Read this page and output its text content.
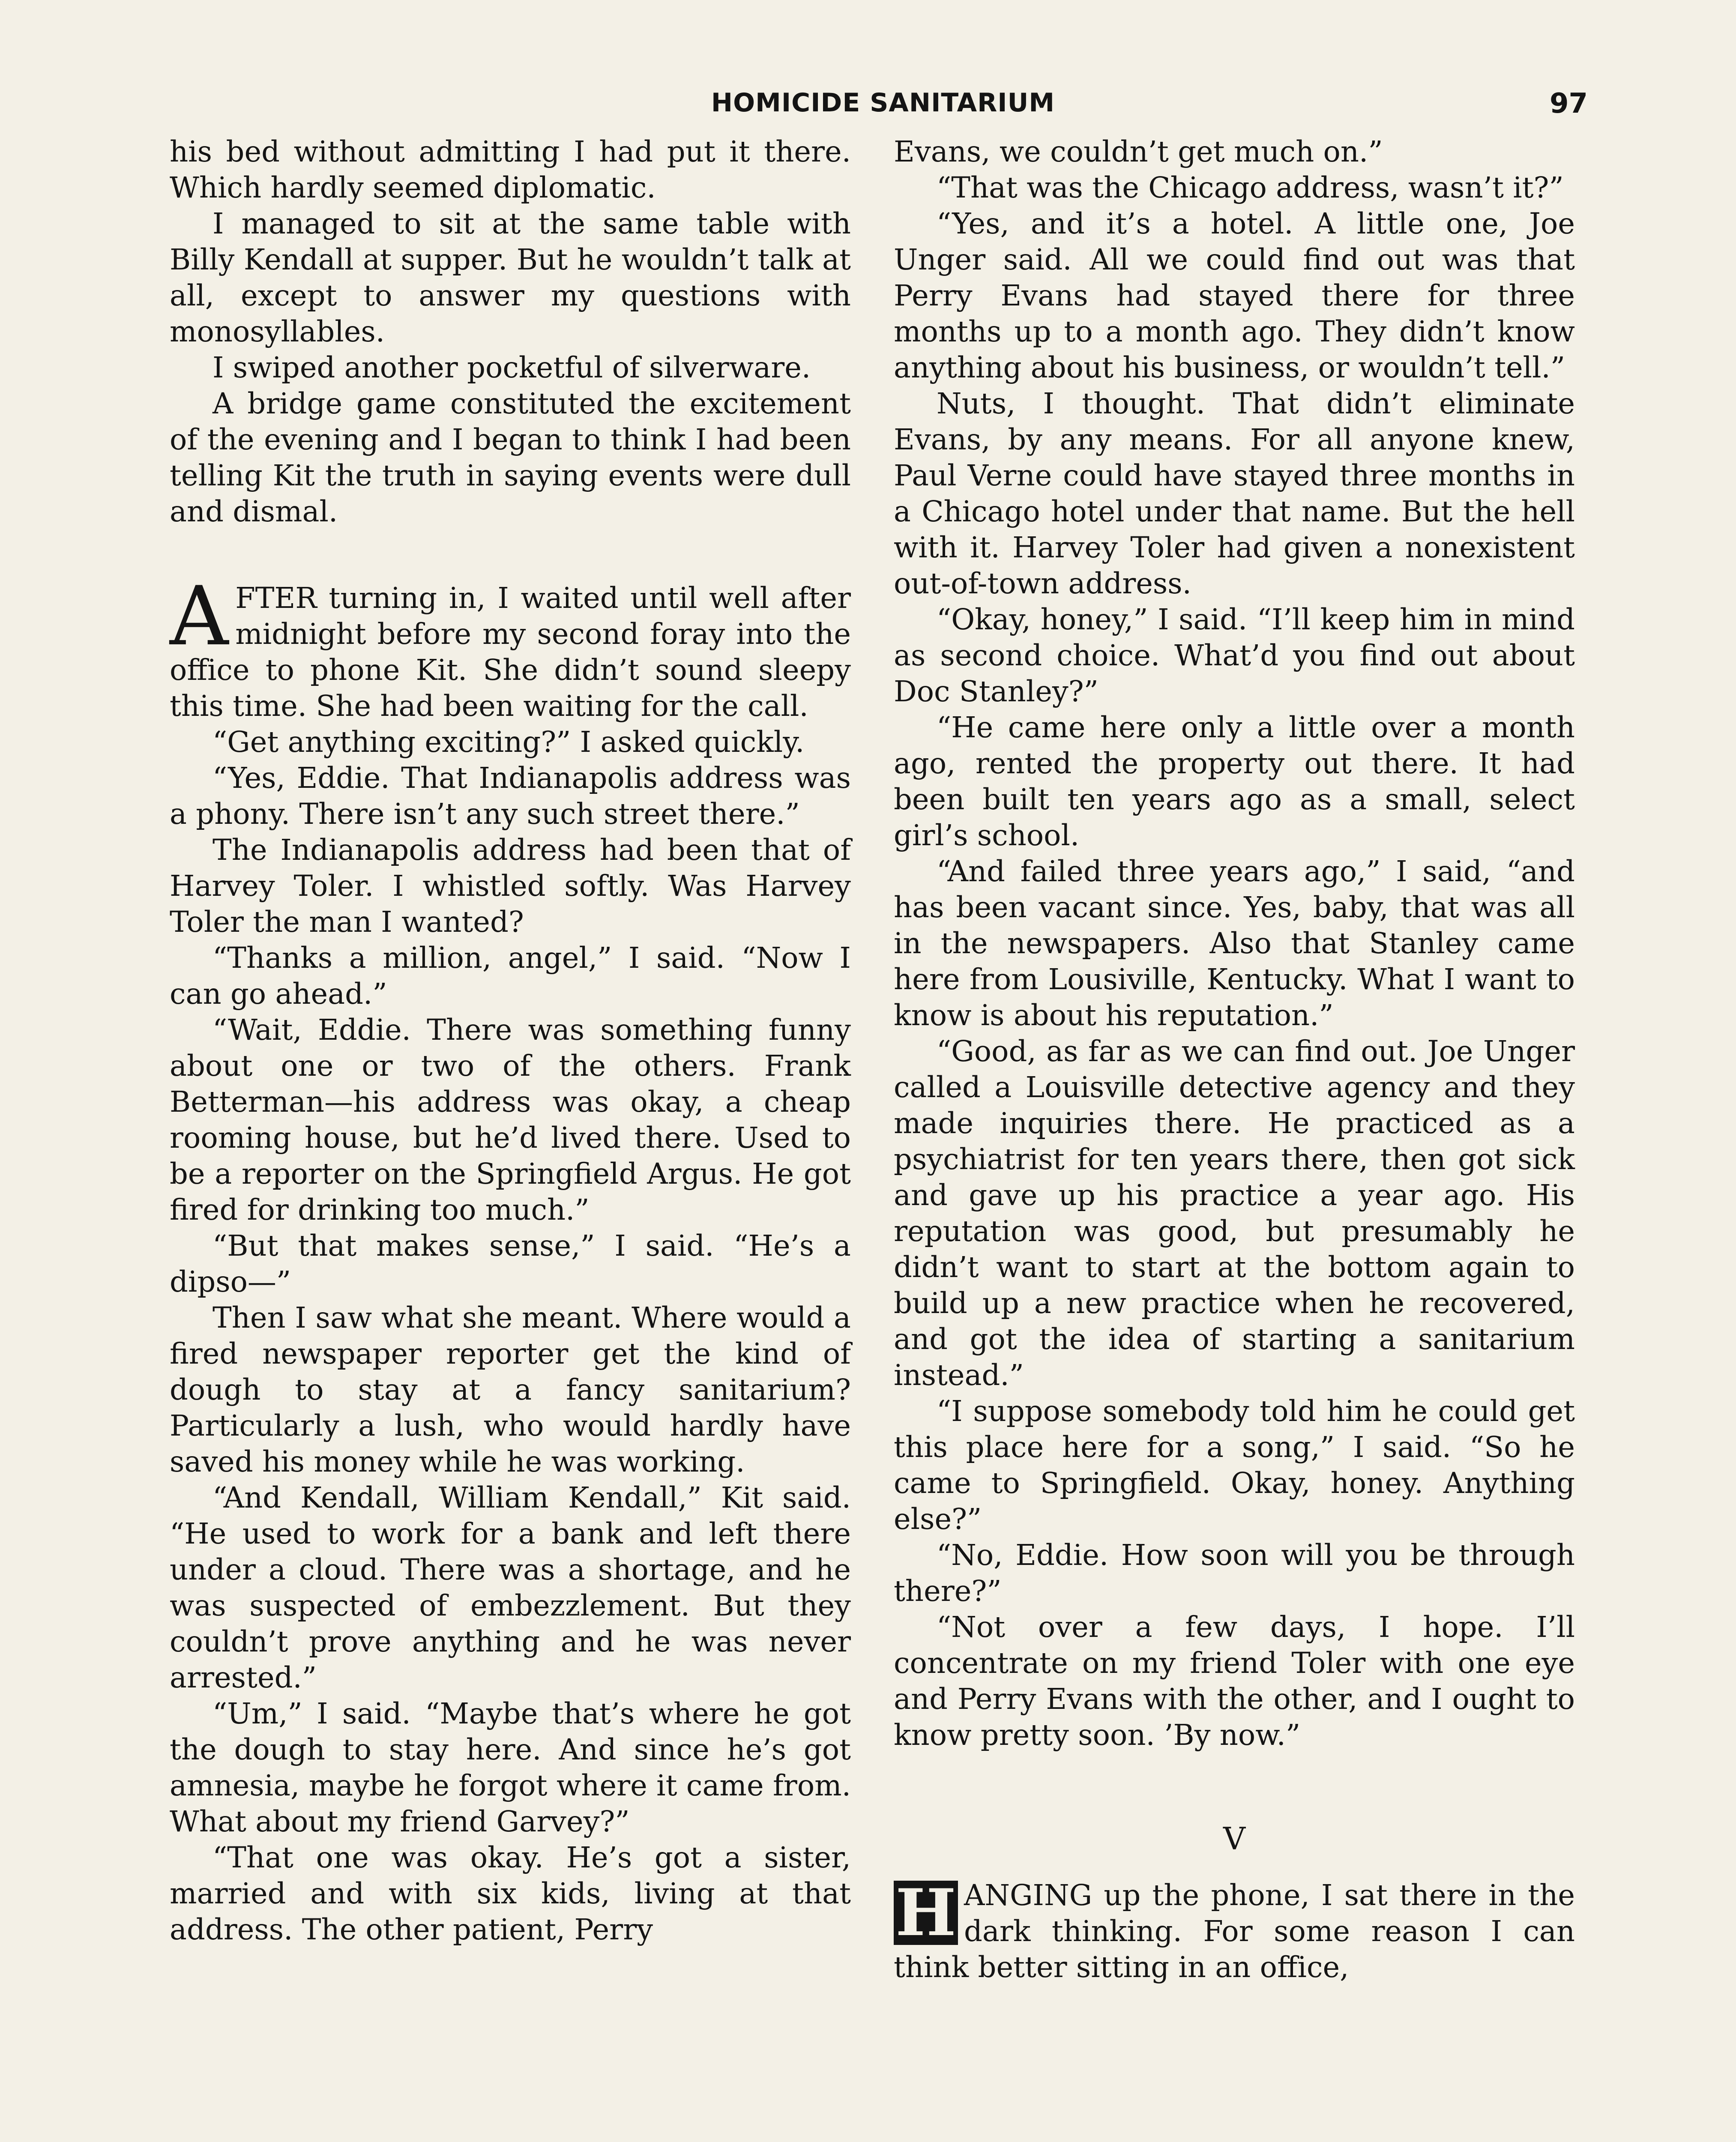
HOMICIDE SANITARIUM	97

his bed without admitting I had put it there. Which hardly seemed diplomatic.

I managed to sit at the same table with Billy Kendall at supper. But he wouldn’t talk at all, except to answer my questions with monosyllables.

I swiped another pocketful of silverware.

A bridge game constituted the excitement of the evening and I began to think I had been telling Kit the truth in saying events were dull and dismal.

AFTER turning in, I waited until well after midnight before my second foray into the office to phone Kit. She didn’t sound sleepy this time. She had been waiting for the call.

“Get anything exciting?” I asked quickly.

“Yes, Eddie. That Indianapolis address was a phony. There isn’t any such street there.”

The Indianapolis address had been that of Harvey Toler. I whistled softly. Was Harvey Toler the man I wanted?

“Thanks a million, angel,” I said. “Now I can go ahead.”

“Wait, Eddie. There was something funny about one or two of the others. Frank Betterman—his address was okay, a cheap rooming house, but he’d lived there. Used to be a reporter on the Springfield Argus. He got fired for drinking too much.”

“But that makes sense,” I said. “He’s a dipso—”

Then I saw what she meant. Where would a fired newspaper reporter get the kind of dough to stay at a fancy sanitarium? Particularly a lush, who would hardly have saved his money while he was working.

“And Kendall, William Kendall,” Kit said. “He used to work for a bank and left there under a cloud. There was a shortage, and he was suspected of embezzlement. But they couldn’t prove anything and he was never arrested.”

“Um,” I said. “Maybe that’s where he got the dough to stay here. And since he’s got amnesia, maybe he forgot where it came from. What about my friend Garvey?”

“That one was okay. He’s got a sister, married and with six kids, living at that address. The other patient, Perry

Evans, we couldn’t get much on.”

“That was the Chicago address, wasn’t it?”

“Yes, and it’s a hotel. A little one, Joe Unger said. All we could find out was that Perry Evans had stayed there for three months up to a month ago. They didn’t know anything about his business, or wouldn’t tell.”

Nuts, I thought. That didn’t eliminate Evans, by any means. For all anyone knew, Paul Verne could have stayed three months in a Chicago hotel under that name. But the hell with it. Harvey Toler had given a nonexistent out-of-town address.

“Okay, honey,” I said. “I’ll keep him in mind as second choice. What’d you find out about Doc Stanley?”

“He came here only a little over a month ago, rented the property out there. It had been built ten years ago as a small, select girl’s school.

“And failed three years ago,” I said, “and has been vacant since. Yes, baby, that was all in the newspapers. Also that Stanley came here from Lousiville, Kentucky. What I want to know is about his reputation.”

“Good, as far as we can find out. Joe Unger called a Louisville detective agency and they made inquiries there. He practiced as a psychiatrist for ten years there, then got sick and gave up his practice a year ago. His reputation was good, but presumably he didn’t want to start at the bottom again to build up a new practice when he recovered, and got the idea of starting a sanitarium instead.”

“I suppose somebody told him he could get this place here for a song,” I said. “So he came to Springfield. Okay, honey. Anything else?”

“No, Eddie. How soon will you be through there?”

“Not over a few days, I hope. I’ll concentrate on my friend Toler with one eye and Perry Evans with the other, and I ought to know pretty soon. ’By now.”

V

H ANGING up the phone, I sat there in the dark thinking. For some reason I can think better sitting in an office,
